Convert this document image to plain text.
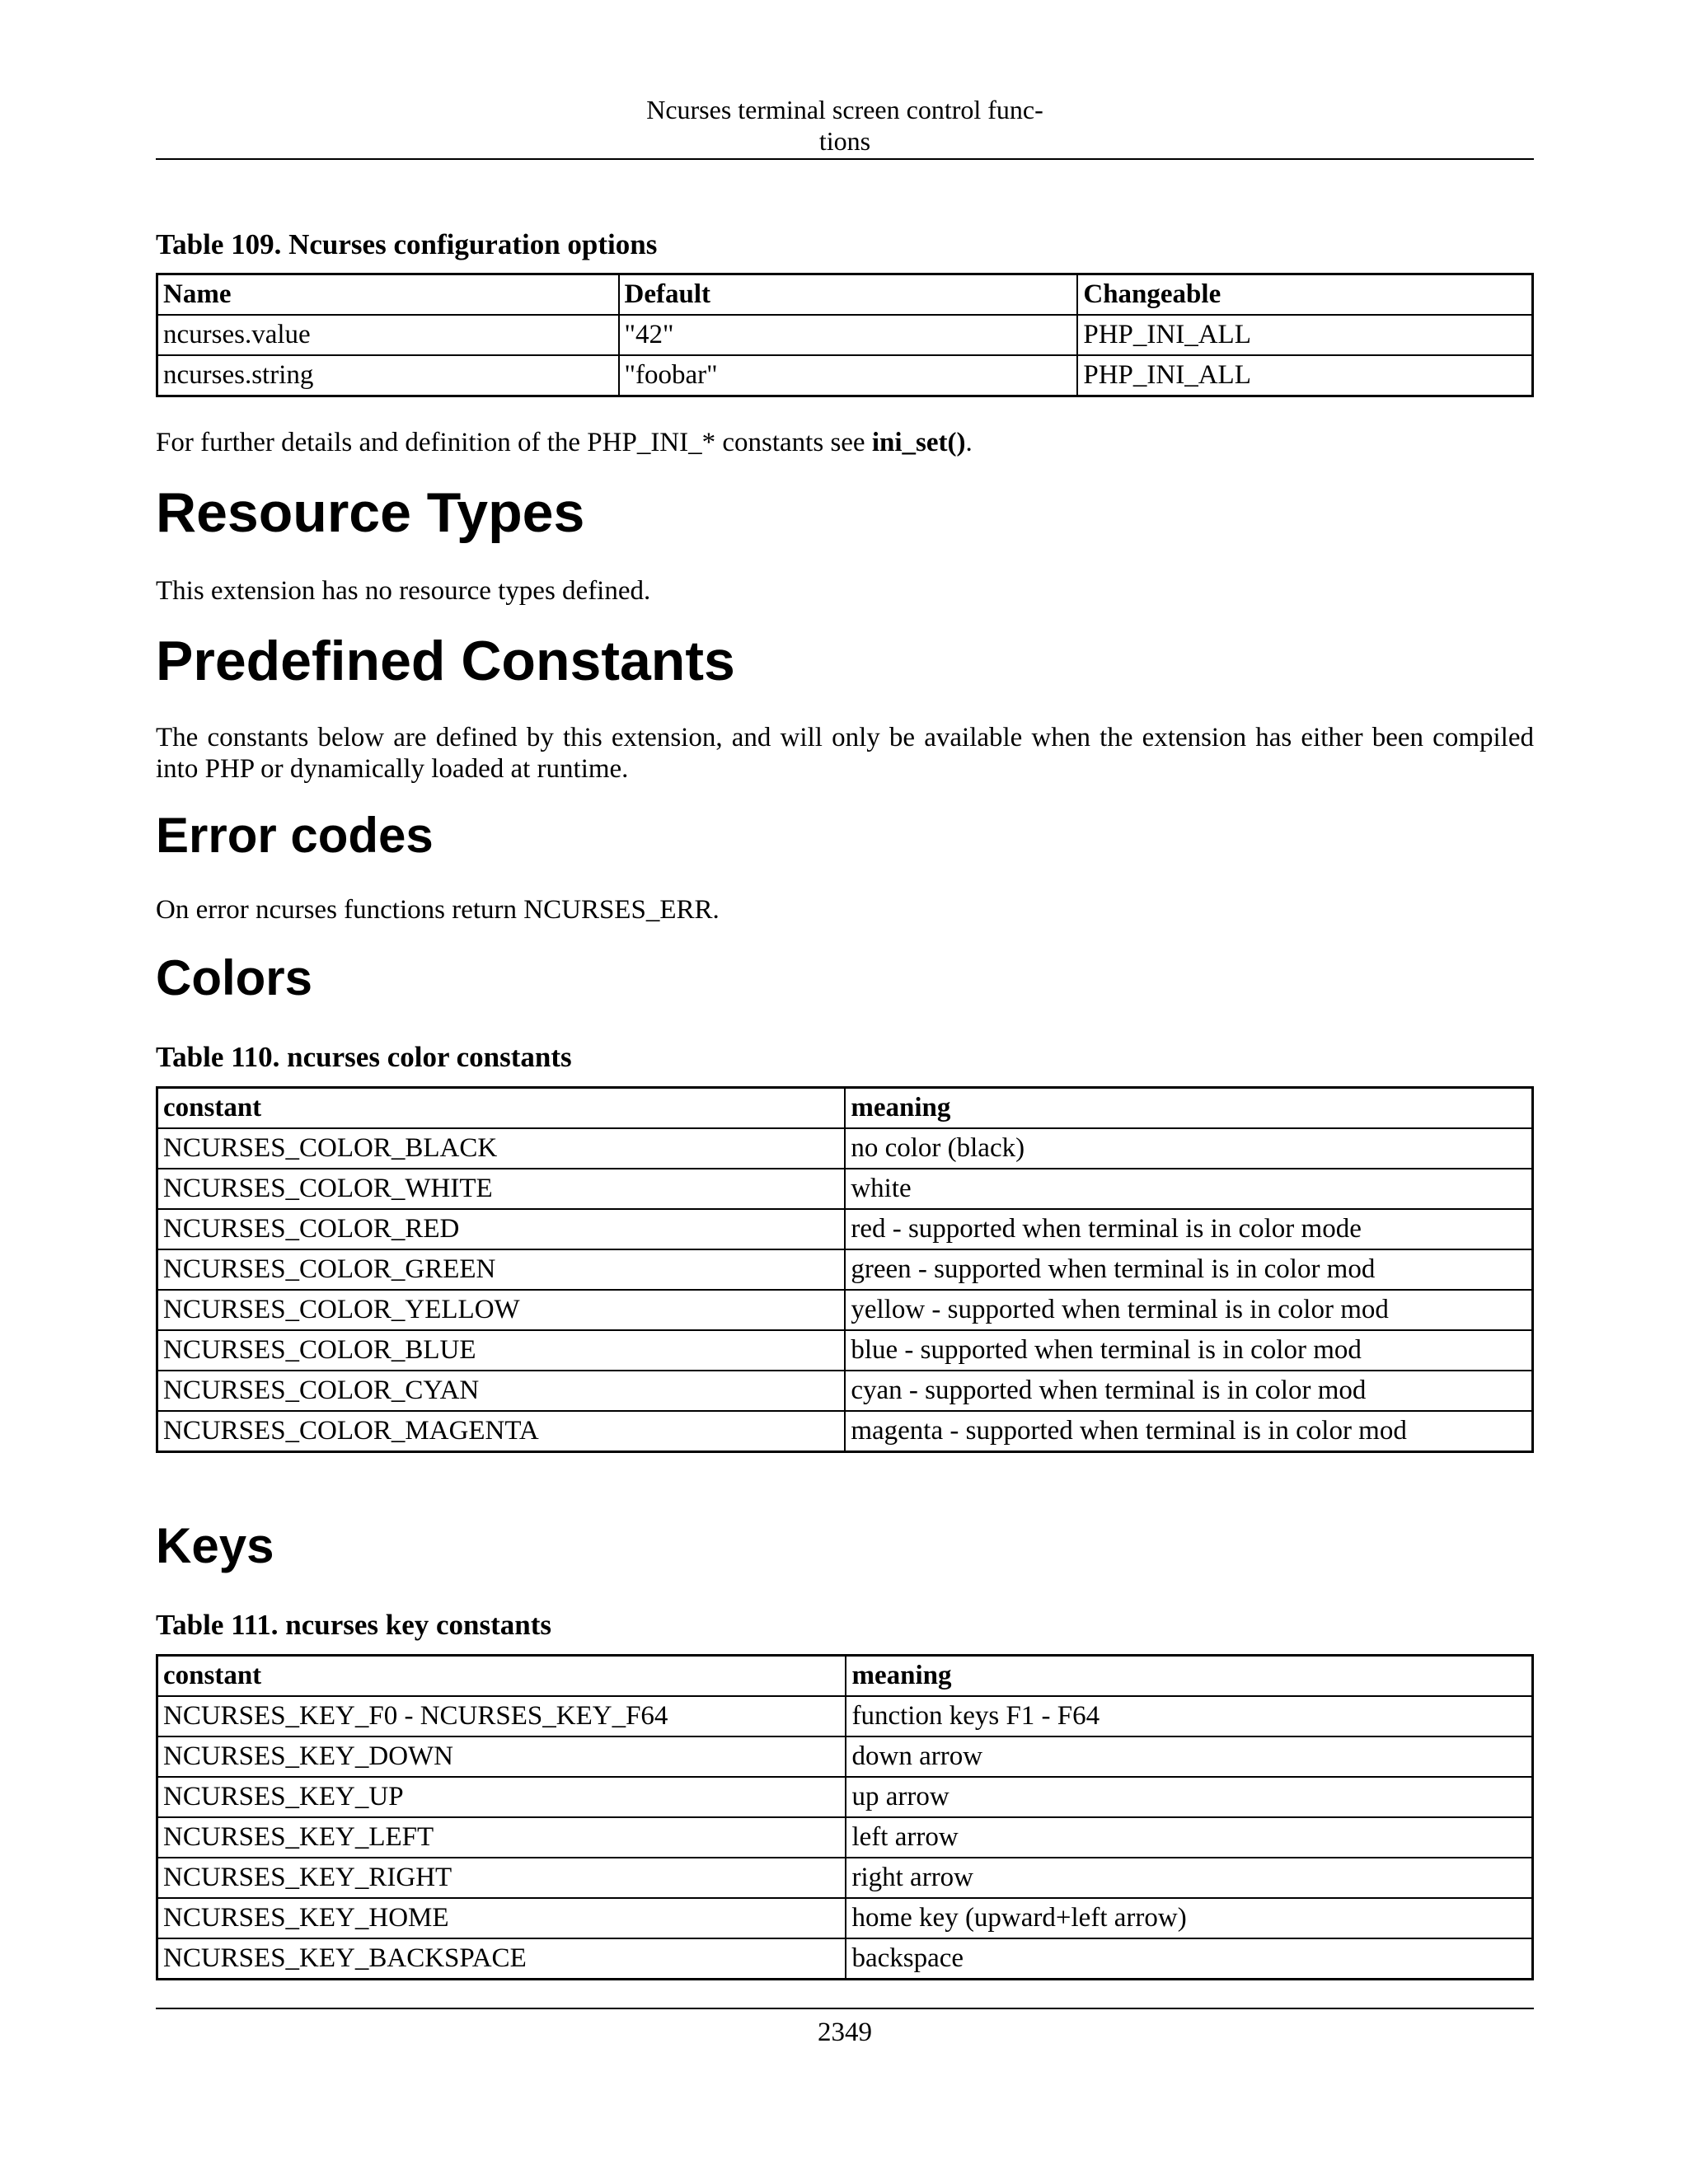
Ncurses terminal screen control func-
tions

Table 109. Ncurses configuration options

Name	Default	Changeable
ncurses.value	"42"	PHP_INI_ALL
ncurses.string	"foobar"	PHP_INI_ALL

For further details and definition of the PHP_INI_* constants see ini_set().

Resource Types

This extension has no resource types defined.

Predefined Constants

The constants below are defined by this extension, and will only be available when the extension has either been compiled into PHP or dynamically loaded at runtime.

Error codes

On error ncurses functions return NCURSES_ERR.

Colors

Table 110. ncurses color constants

constant	meaning
NCURSES_COLOR_BLACK	no color (black)
NCURSES_COLOR_WHITE	white
NCURSES_COLOR_RED	red - supported when terminal is in color mode
NCURSES_COLOR_GREEN	green - supported when terminal is in color mod
NCURSES_COLOR_YELLOW	yellow - supported when terminal is in color mod
NCURSES_COLOR_BLUE	blue - supported when terminal is in color mod
NCURSES_COLOR_CYAN	cyan - supported when terminal is in color mod
NCURSES_COLOR_MAGENTA	magenta - supported when terminal is in color mod
Keys

Table 111. ncurses key constants

constant	meaning
NCURSES_KEY_F0 - NCURSES_KEY_F64	function keys F1 - F64
NCURSES_KEY_DOWN	down arrow
NCURSES_KEY_UP	up arrow
NCURSES_KEY_LEFT	left arrow
NCURSES_KEY_RIGHT	right arrow
NCURSES_KEY_HOME	home key (upward+left arrow)
NCURSES_KEY_BACKSPACE	backspace
2349
